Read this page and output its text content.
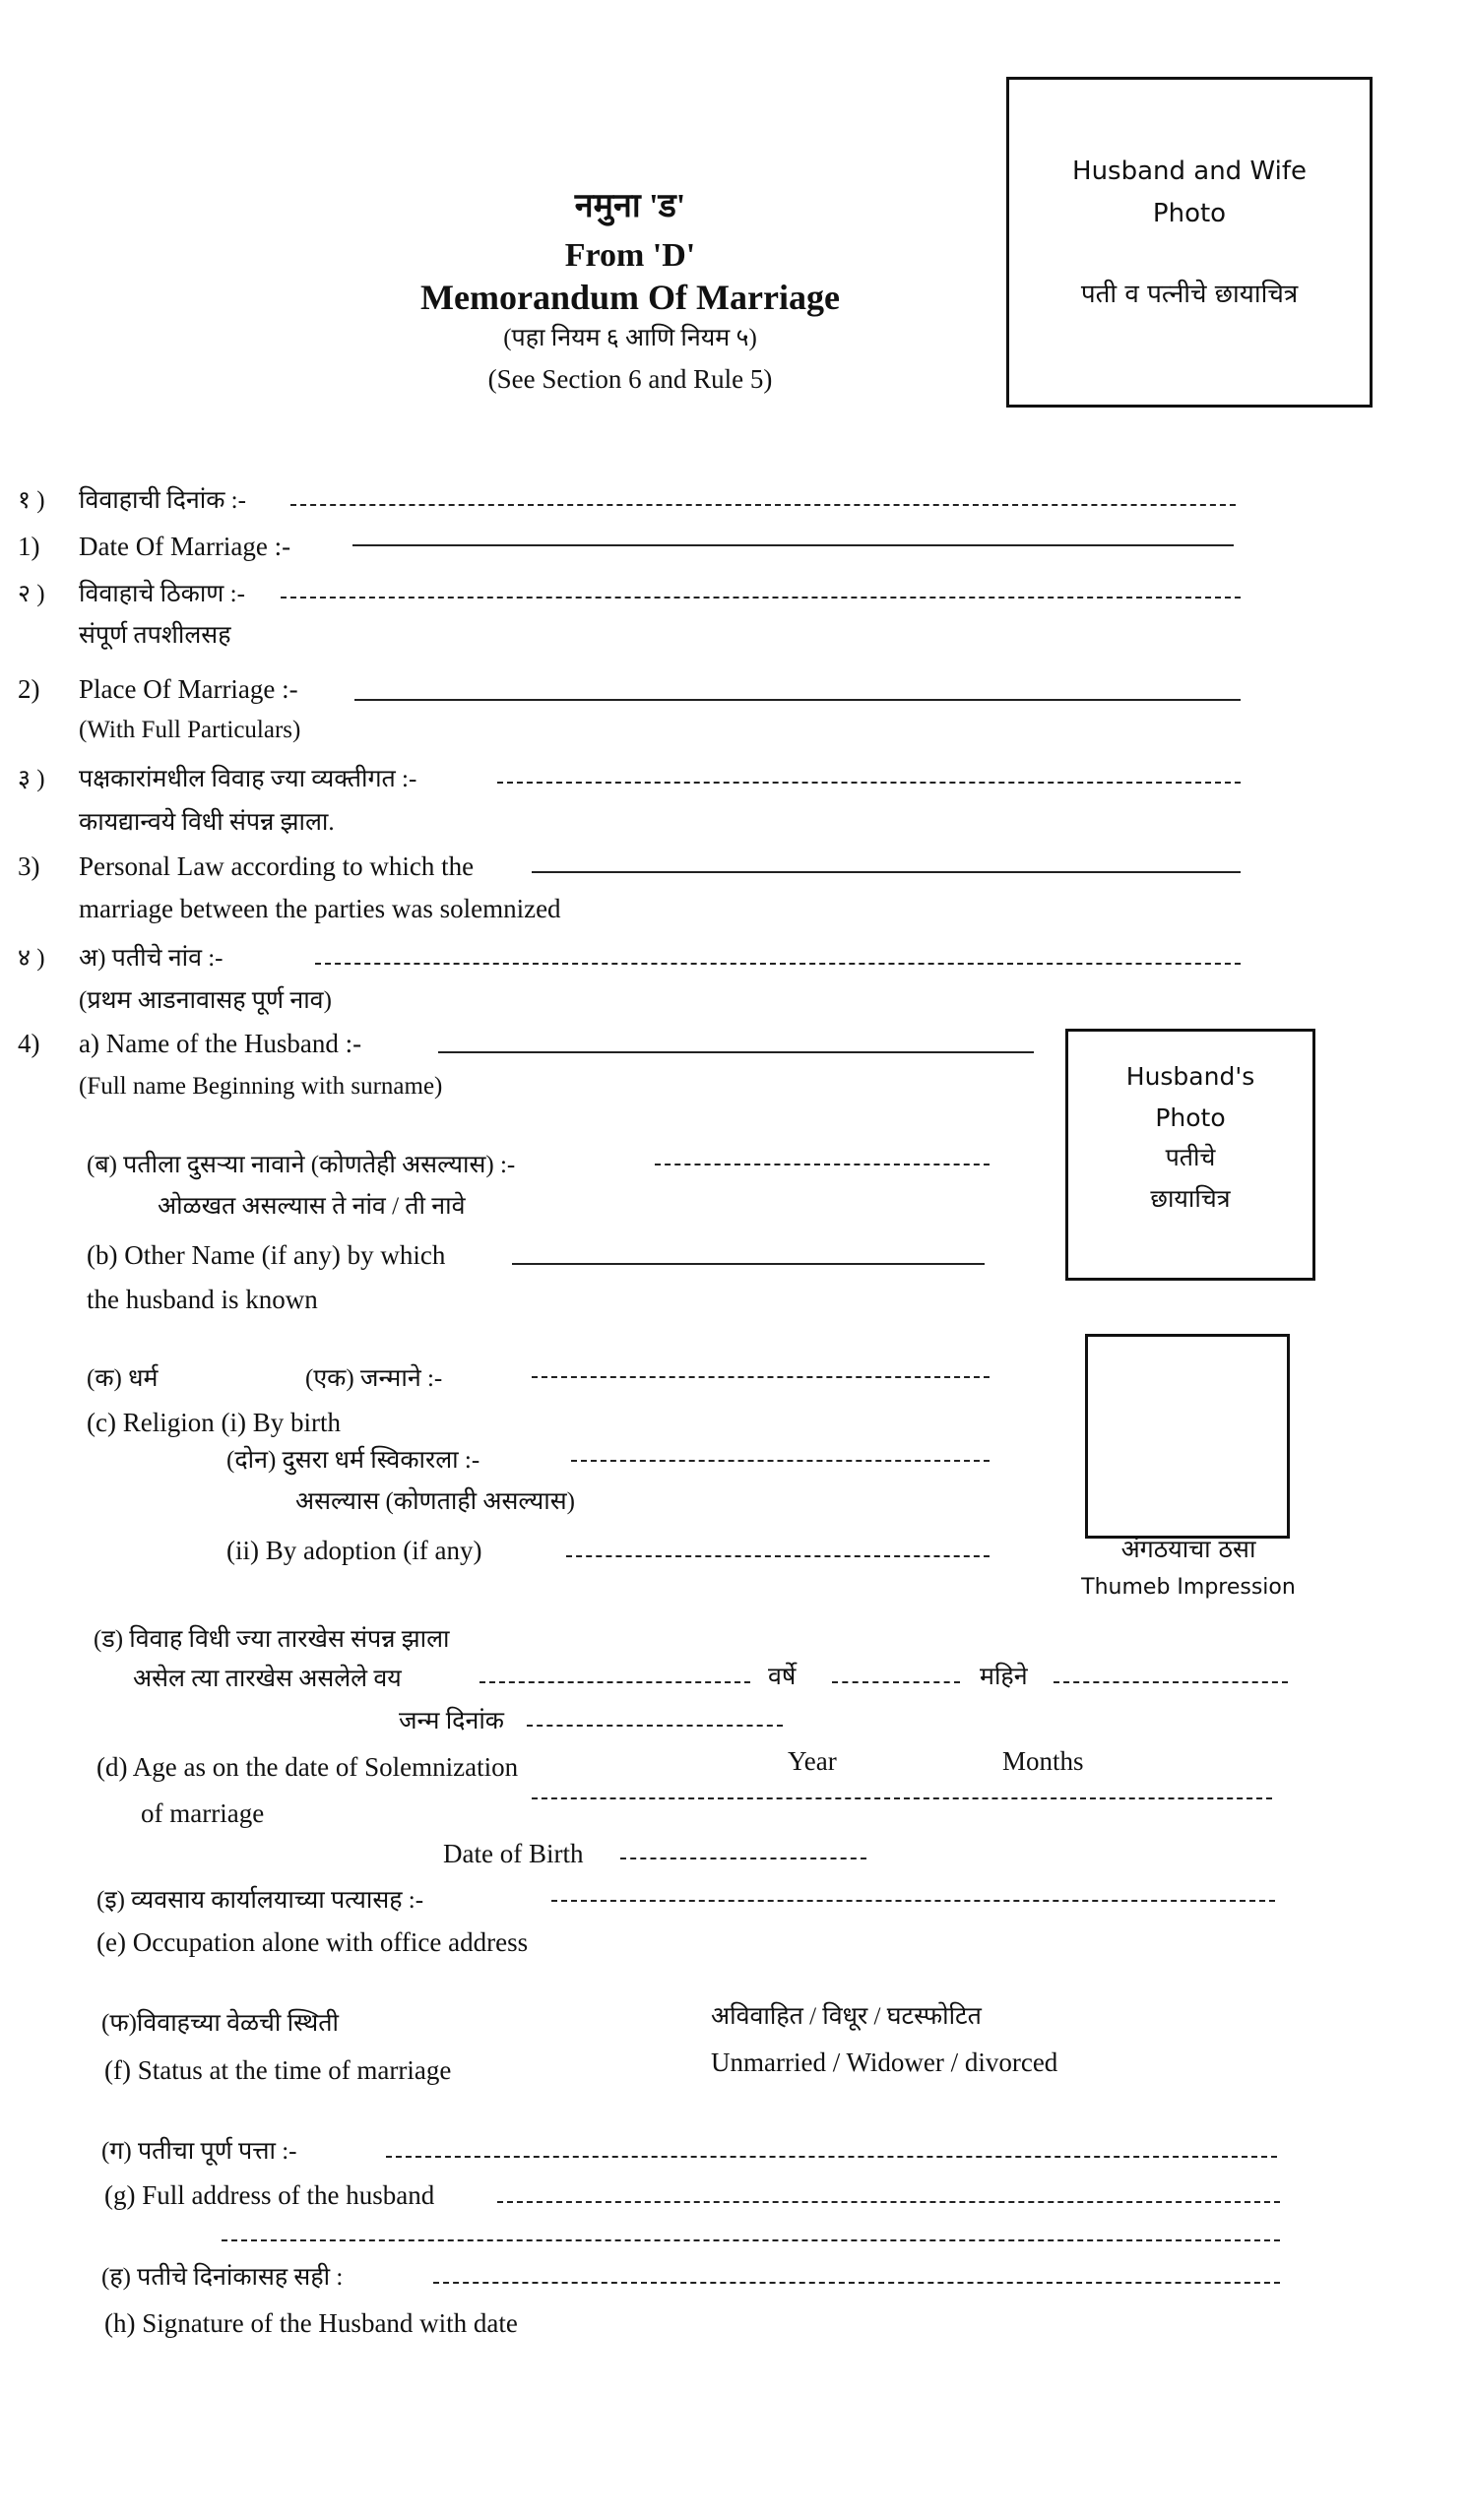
नमुना 'ड'
From 'D'
Memorandum Of Marriage
(पहा नियम ६ आणि नियम ५)
(See Section 6 and Rule 5)
Husband and Wife
Photo
पती व पत्नीचे छायाचित्र
१ ) विवाहाची दिनांक :-
1) Date Of Marriage :-
२ ) विवाहाचे ठिकाण :-
संपूर्ण तपशीलसह
2) Place Of Marriage :-
(With Full Particulars)
३ ) पक्षकारांमधील विवाह ज्या व्यक्तीगत :-
कायद्यान्वये विधी संपन्न झाला.
3) Personal Law according to which the
marriage between the parties was solemnized
४ ) अ) पतीचे नांव :-
(प्रथम आडनावासह पूर्ण नाव)
4) a) Name of the Husband :-
(Full name Beginning with surname)	Husband's
Photo
पतीचे
छायाचित्र
(ब) पतीला दुसऱ्या नावाने (कोणतेही असल्यास) :-
ओळखत असल्यास ते नांव / ती नावे
(b) Other Name (if any) by which
the husband is known
(क) धर्म	(एक) जन्माने :-
(c) Religion (i) By birth
(दोन) दुसरा धर्म स्विकारला :-
असल्यास (कोणताही असल्यास)
(ii) By adoption (if any)	अंगठयाचा ठसा
Thumeb Impression
(ड) विवाह विधी ज्या तारखेस संपन्न झाला
असेल त्या तारखेस असलेले वय	वर्षे	महिने
जन्म दिनांक
(d) Age as on the date of Solemnization	Year	Months
of marriage
Date of Birth
(इ) व्यवसाय कार्यालयाच्या पत्यासह :-
(e) Occupation alone with office address
(फ)विवाहच्या वेळची स्थिती	अविवाहित / विधूर / घटस्फोटित
(f) Status at the time of marriage	Unmarried / Widower / divorced
(ग) पतीचा पूर्ण पत्ता :-
(g) Full address of the husband
(ह) पतीचे दिनांकासह सही :
(h) Signature of the Husband with date
